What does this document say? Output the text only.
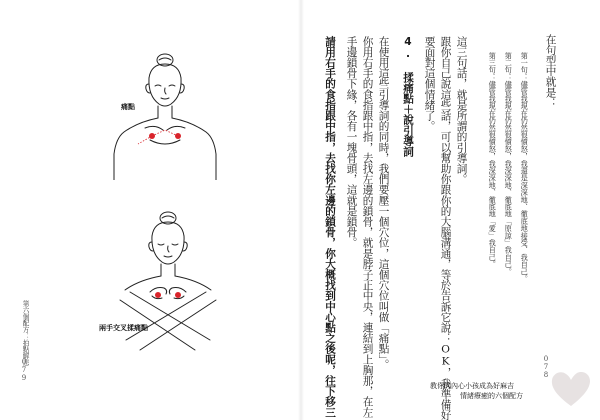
在句型中就是：
第一句：儘管我現在仍然很憤怒，我還是深深地、徹底地接受、我自己。
第二句：儘管我現在仍然很憤怒，我深深地、徹底地「原諒」我自己。
第三句：儘管我現在仍然很憤怒，我深深地、徹底地「愛」我自己。
這三句話，就是所謂的引導詞。
跟你自己說這些話，可以幫助你跟你的大腦溝通，等於告訴它說：OK，我準備好
要面對這個情緒了。
4. 揉痛點＋說引導詞
在使用這些引導詞的同時，我們要壓一個穴位，這個穴位叫做「痛點」。
你用右手的食指跟中指，去找左邊的鎖骨，就是脖子正中央，連結到上胸那，在左
手邊鎖骨下緣，各有一塊骨頭，這就是鎖骨。
請用右手的食指跟中指，去找你左邊的鎖骨，你大概找到中心點之後呢，往下移三	078
教你的內心小孩成為好麻吉
情緒療癒的六個配方
痛點
兩手交叉揉痛點
第六個配方：拍點解悲
079
